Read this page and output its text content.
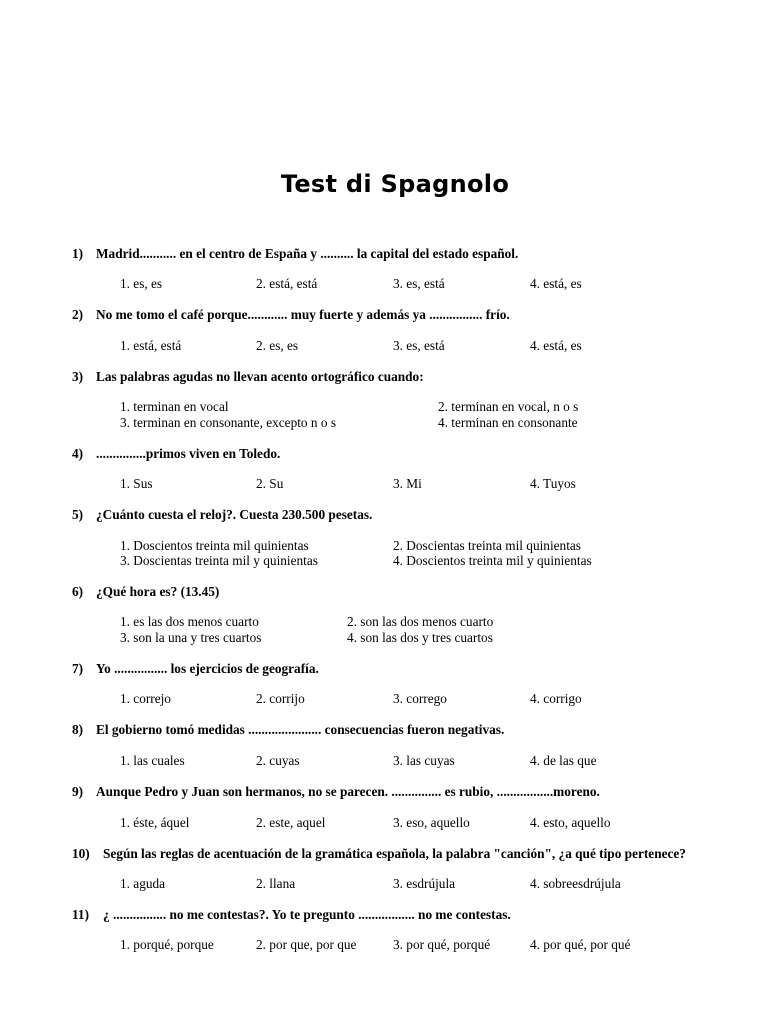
Test di Spagnolo
1) Madrid........... en el centro de España y .......... la capital del estado español.
1. es, es	2. está, está	3. es, está	4. está, es
2) No me tomo el café porque............ muy fuerte y además ya ................ frío.
1. está, está	2. es, es	3. es, está	4. está, es
3) Las palabras agudas no llevan acento ortográfico cuando:
1. terminan en vocal	2. terminan en vocal, n o s
3. terminan en consonante, excepto n o s	4. terminan en consonante
4) ...............primos viven en Toledo.
1. Sus	2. Su	3. Mi	4. Tuyos
5) ¿Cuánto cuesta el reloj?. Cuesta 230.500 pesetas.
1. Doscientos treinta mil quinientas	2. Doscientas treinta mil quinientas
3. Doscientas treinta mil y quinientas	4. Doscientos treinta mil y quinientas
6) ¿Qué hora es? (13.45)
1. es las dos menos cuarto	2. son las dos menos cuarto
3. son la una y tres cuartos	4. son las dos y tres cuartos
7) Yo ................ los ejercicios de geografía.
1. correjo	2. corrijo	3. corrego	4. corrigo
8) El gobierno tomó medidas ...................... consecuencias fueron negativas.
1. las cuales	2. cuyas	3. las cuyas	4. de las que
9) Aunque Pedro y Juan son hermanos, no se parecen. ............... es rubio, .................moreno.
1. éste, áquel	2. este, aquel	3. eso, aquello	4. esto, aquello
10) Según las reglas de acentuación de la gramática española, la palabra "canción", ¿a qué tipo pertenece?
1. aguda	2. llana	3. esdrújula	4. sobreesdrújula
11) ¿ ................ no me contestas?. Yo te pregunto ................. no me contestas.
1. porqué, porque	2. por que, por que	3. por qué, porqué	4. por qué, por qué
